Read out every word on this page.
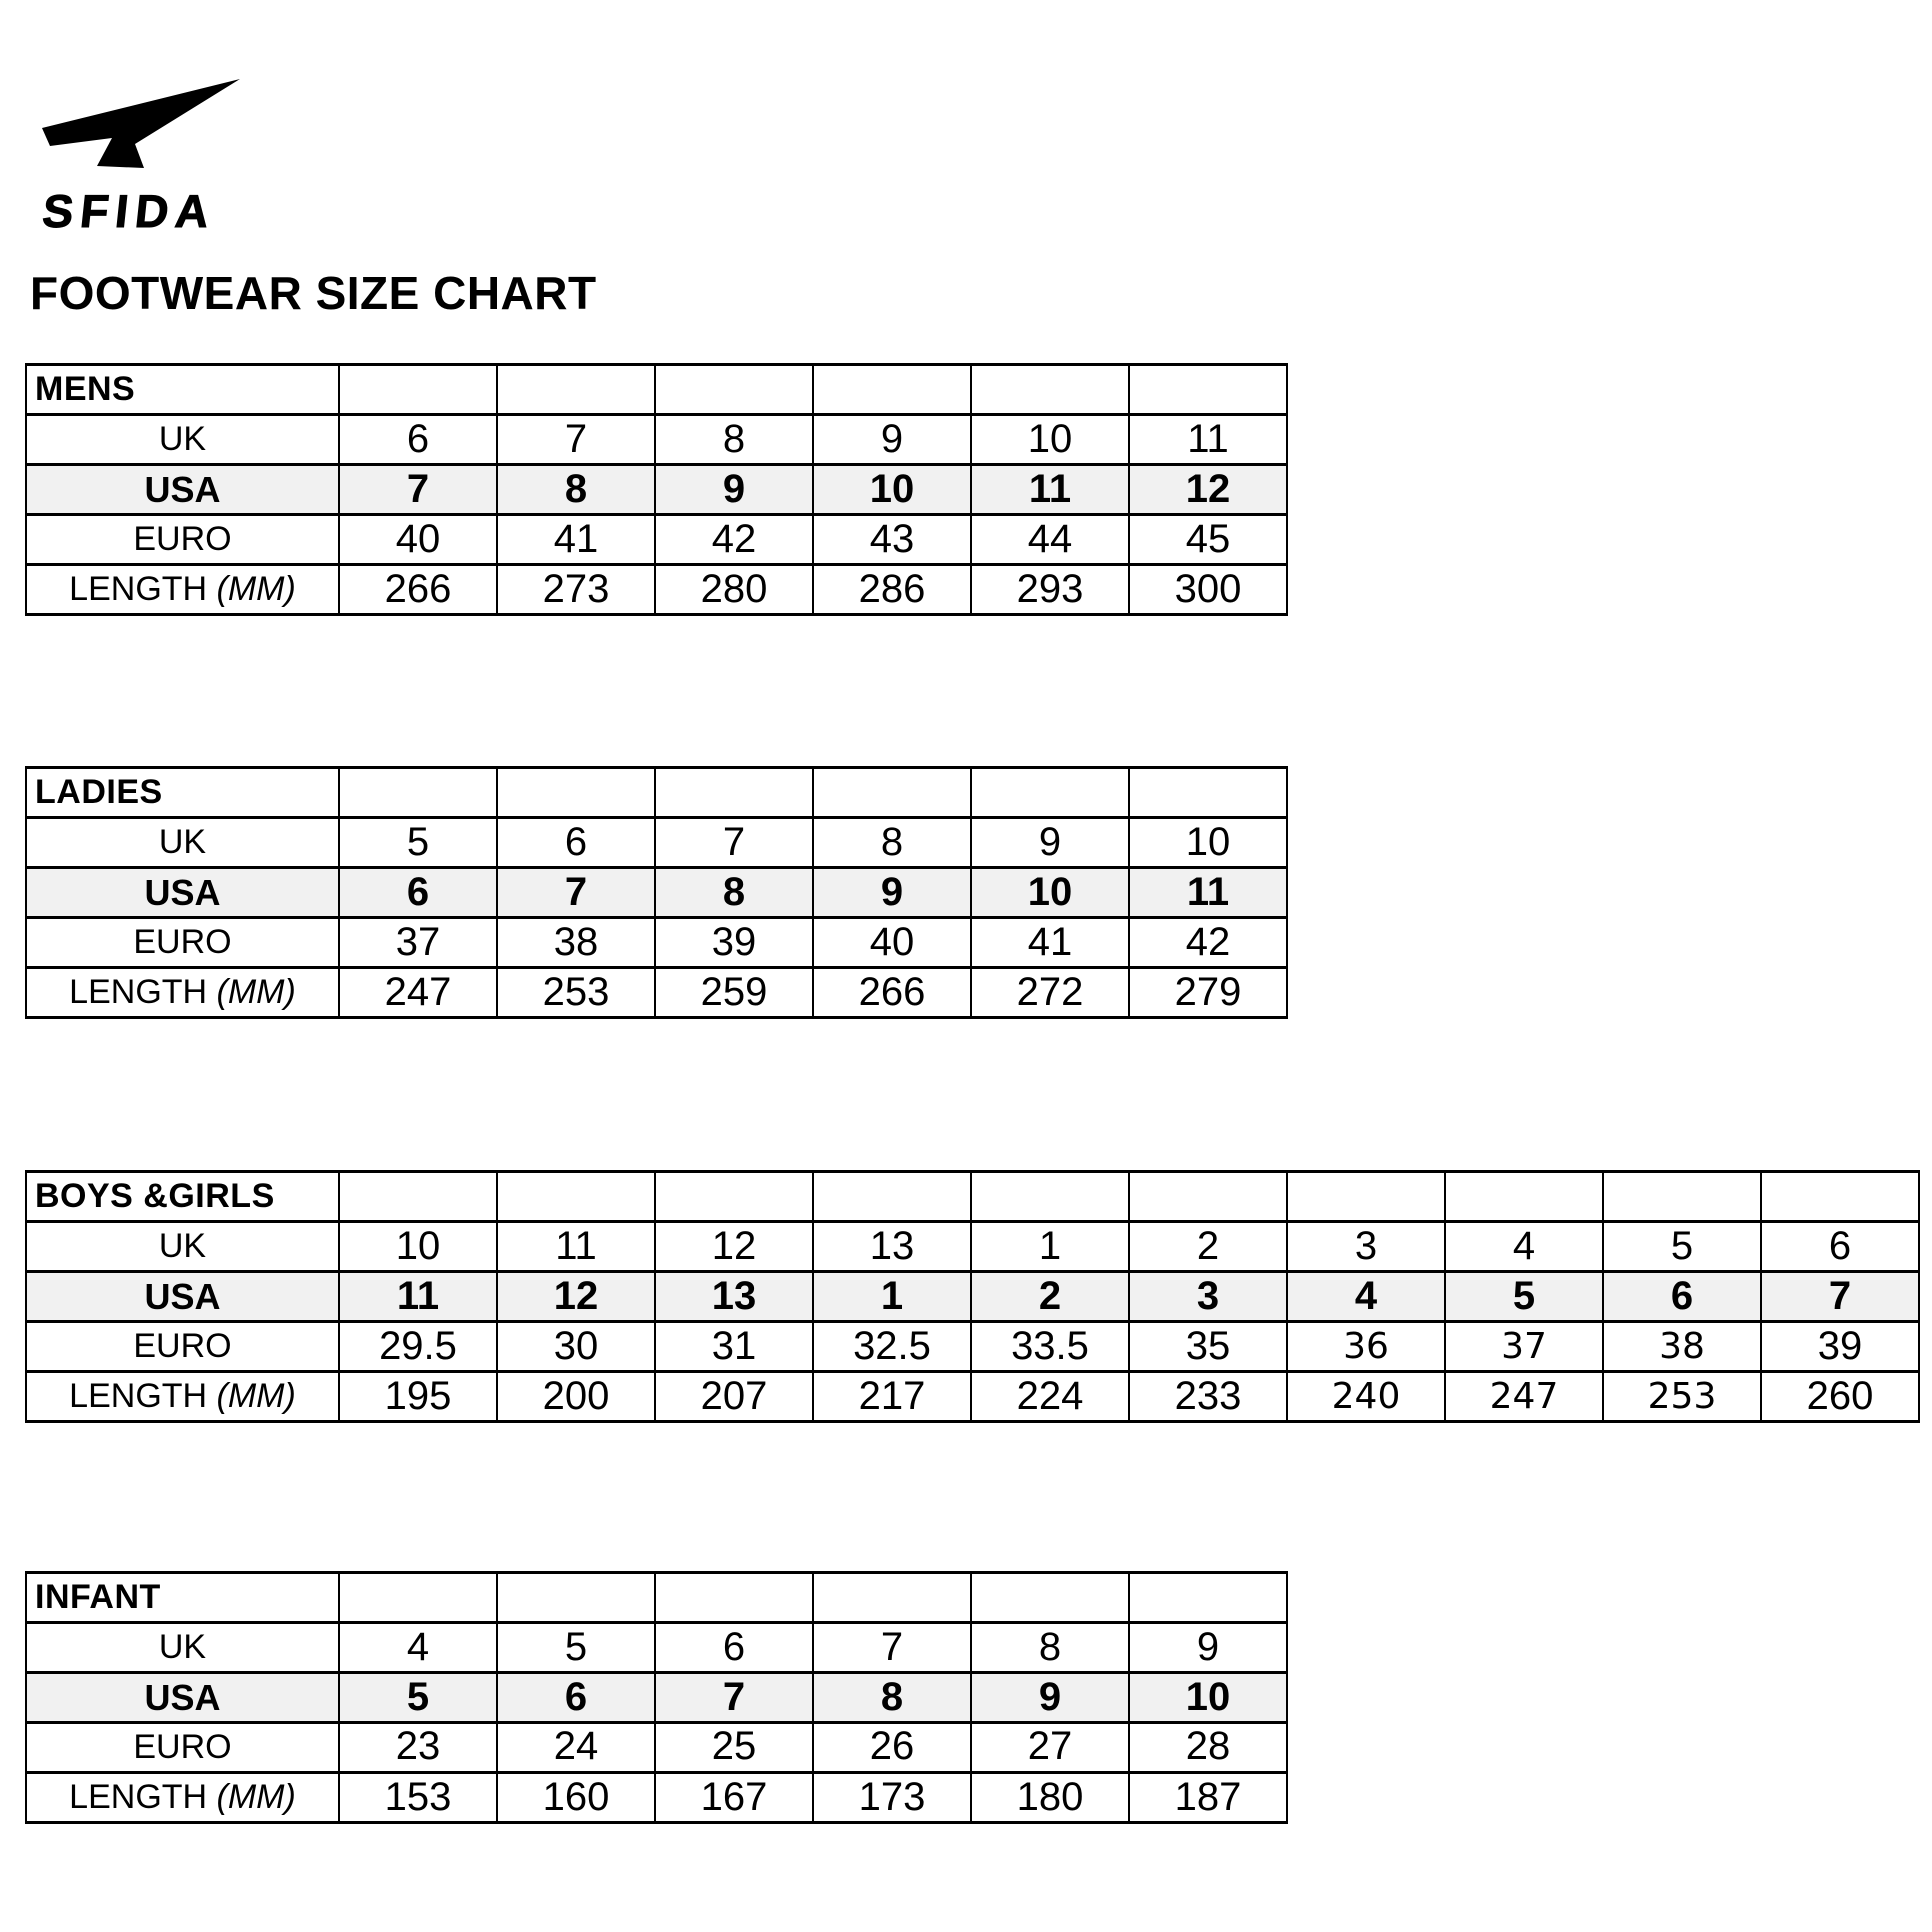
SFIDA
FOOTWEAR SIZE CHART
MENS						
UK	6	7	8	9	10	11
USA	7	8	9	10	11	12
EURO	40	41	42	43	44	45
LENGTH (MM)	266	273	280	286	293	300
LADIES						
UK	5	6	7	8	9	10
USA	6	7	8	9	10	11
EURO	37	38	39	40	41	42
LENGTH (MM)	247	253	259	266	272	279
BOYS &GIRLS										
UK	10	11	12	13	1	2	3	4	5	6
USA	11	12	13	1	2	3	4	5	6	7
EURO	29.5	30	31	32.5	33.5	35	36	37	38	39
LENGTH (MM)	195	200	207	217	224	233	240	247	253	260
INFANT						
UK	4	5	6	7	8	9
USA	5	6	7	8	9	10
EURO	23	24	25	26	27	28
LENGTH (MM)	153	160	167	173	180	187
